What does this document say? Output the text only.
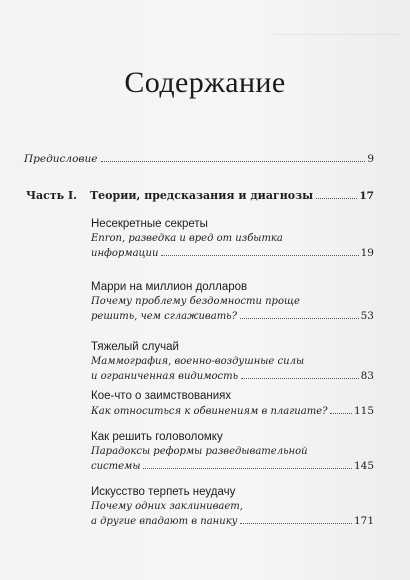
Содержание
Предисловие	9
Часть I.	Теории, предсказания и диагнозы	17
Несекретные секреты
Enron, разведка и вред от избытка
информации	19
Марри на миллион долларов
Почему проблему бездомности проще
решить, чем сглаживать?	53
Тяжелый случай
Маммография, военно-воздушные силы
и ограниченная видимость	83
Кое-что о заимствованиях
Как относиться к обвинениям в плагиате?	115
Как решить головоломку
Парадоксы реформы разведывательной
системы	145
Искусство терпеть неудачу
Почему одних заклинивает,
а другие впадают в панику	171
